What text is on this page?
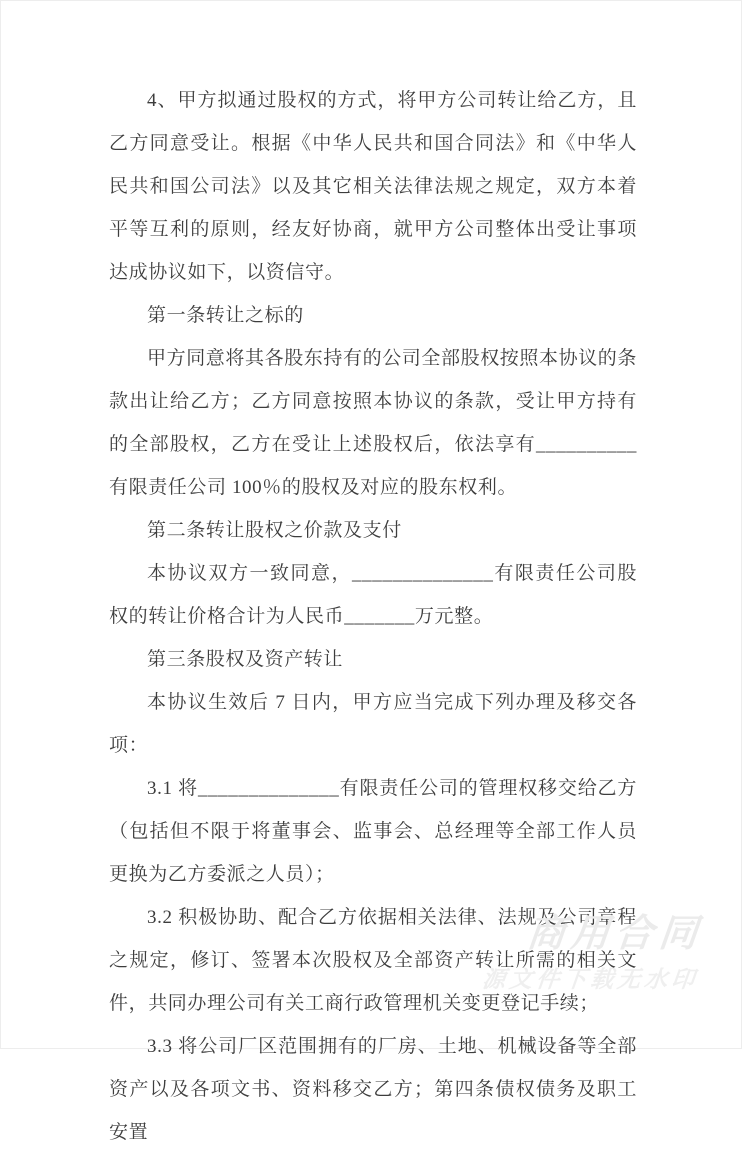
4、甲方拟通过股权的方式，将甲方公司转让给乙方，且乙方同意受让。根据《中华人民共和国合同法》和《中华人民共和国公司法》以及其它相关法律法规之规定，双方本着平等互利的原则，经友好协商，就甲方公司整体出受让事项达成协议如下，以资信守。

第一条转让之标的

甲方同意将其各股东持有的公司全部股权按照本协议的条款出让给乙方；乙方同意按照本协议的条款，受让甲方持有的全部股权，乙方在受让上述股权后，依法享有__________有限责任公司 100％的股权及对应的股东权利。

第二条转让股权之价款及支付

本协议双方一致同意，______________有限责任公司股权的转让价格合计为人民币_______万元整。

第三条股权及资产转让

本协议生效后 7 日内，甲方应当完成下列办理及移交各项：

3.1 将______________有限责任公司的管理权移交给乙方（包括但不限于将董事会、监事会、总经理等全部工作人员更换为乙方委派之人员）；

3.2 积极协助、配合乙方依据相关法律、法规及公司章程之规定，修订、签署本次股权及全部资产转让所需的相关文件，共同办理公司有关工商行政管理机关变更登记手续；

3.3 将公司厂区范围拥有的厂房、土地、机械设备等全部资产以及各项文书、资料移交乙方；第四条债权债务及职工安置

商用合同
源文件下载无水印
